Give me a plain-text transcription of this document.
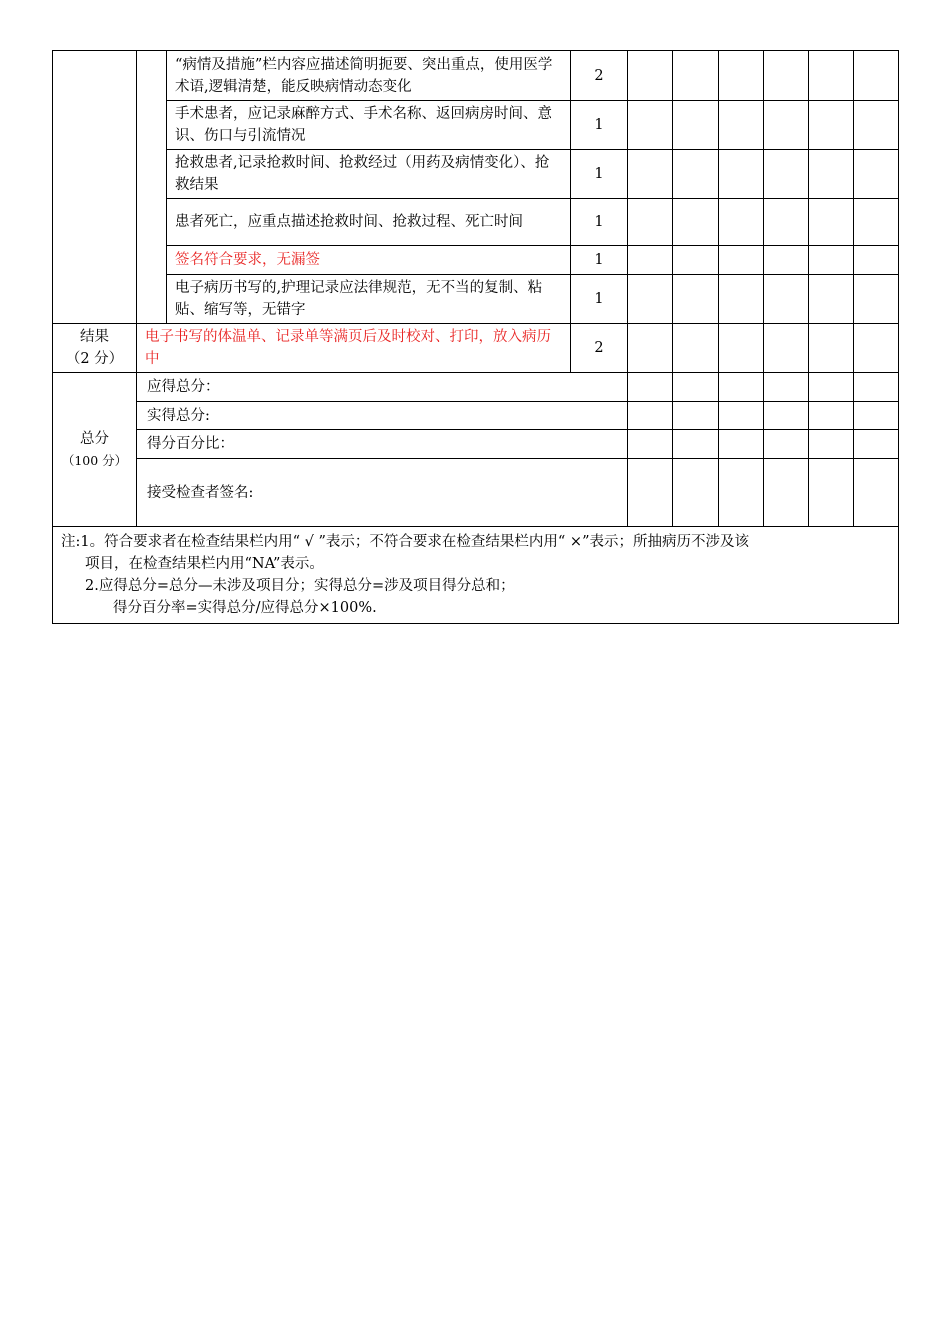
		“病情及措施”栏内容应描述简明扼要、突出重点，使用医学术语,逻辑清楚，能反映病情动态变化	2						
		手术患者，应记录麻醉方式、手术名称、返回病房时间、意识、伤口与引流情况	1						
		抢救患者,记录抢救时间、抢救经过（用药及病情变化）、抢救结果	1						
		患者死亡，应重点描述抢救时间、抢救过程、死亡时间	1						
		签名符合要求，无漏签	1						
		电子病历书写的,护理记录应法律规范，无不当的复制、粘贴、缩写等，无错字	1						

结果
（2 分）	电子书写的体温单、记录单等满页后及时校对、打印，放入病历中		2						

总分
（100 分）	应得总分：								
	实得总分:								
	得分百分比：								
	接受检查者签名:								

注:1。符合要求者在检查结果栏内用“ √ ”表示；不符合要求在检查结果栏内用“ ×”表示；所抽病历不涉及该
项目，在检查结果栏内用“NA”表示。
2.应得总分=总分—未涉及项目分；实得总分=涉及项目得分总和；
得分百分率=实得总分/应得总分×100%.									
